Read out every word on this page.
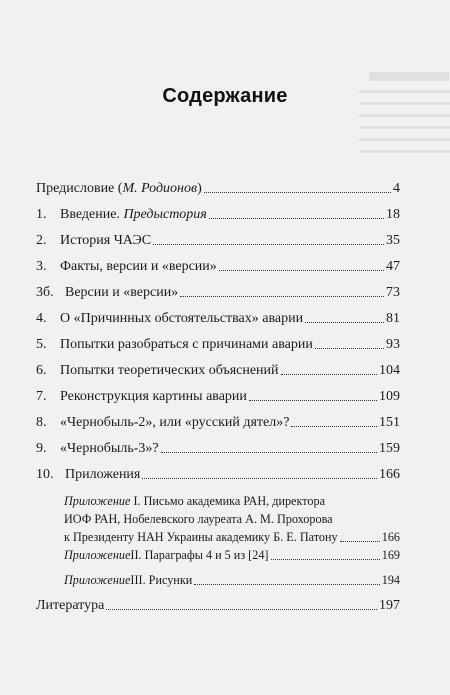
Содержание
Предисловие (М. Родионов)	4
1. Введение. Предыстория	18
2. История ЧАЭС	35
3. Факты, версии и «версии»	47
3б. Версии и «версии»	73
4. О «Причинных обстоятельствах» аварии	81
5. Попытки разобраться с причинами аварии	93
6. Попытки теоретических объяснений	104
7. Реконструкция картины аварии	109
8. «Чернобыль-2», или «русский дятел»?	151
9. «Чернобыль-3»?	159
10. Приложения	166
Приложение I. Письмо академика РАН, директора
ИОФ РАН, Нобелевского лауреата А. М. Прохорова
к Президенту НАН Украины академику Б. Е. Патону	166
Приложение II. Параграфы 4 и 5 из [24]	169
Приложение III. Рисунки	194
Литература	197
